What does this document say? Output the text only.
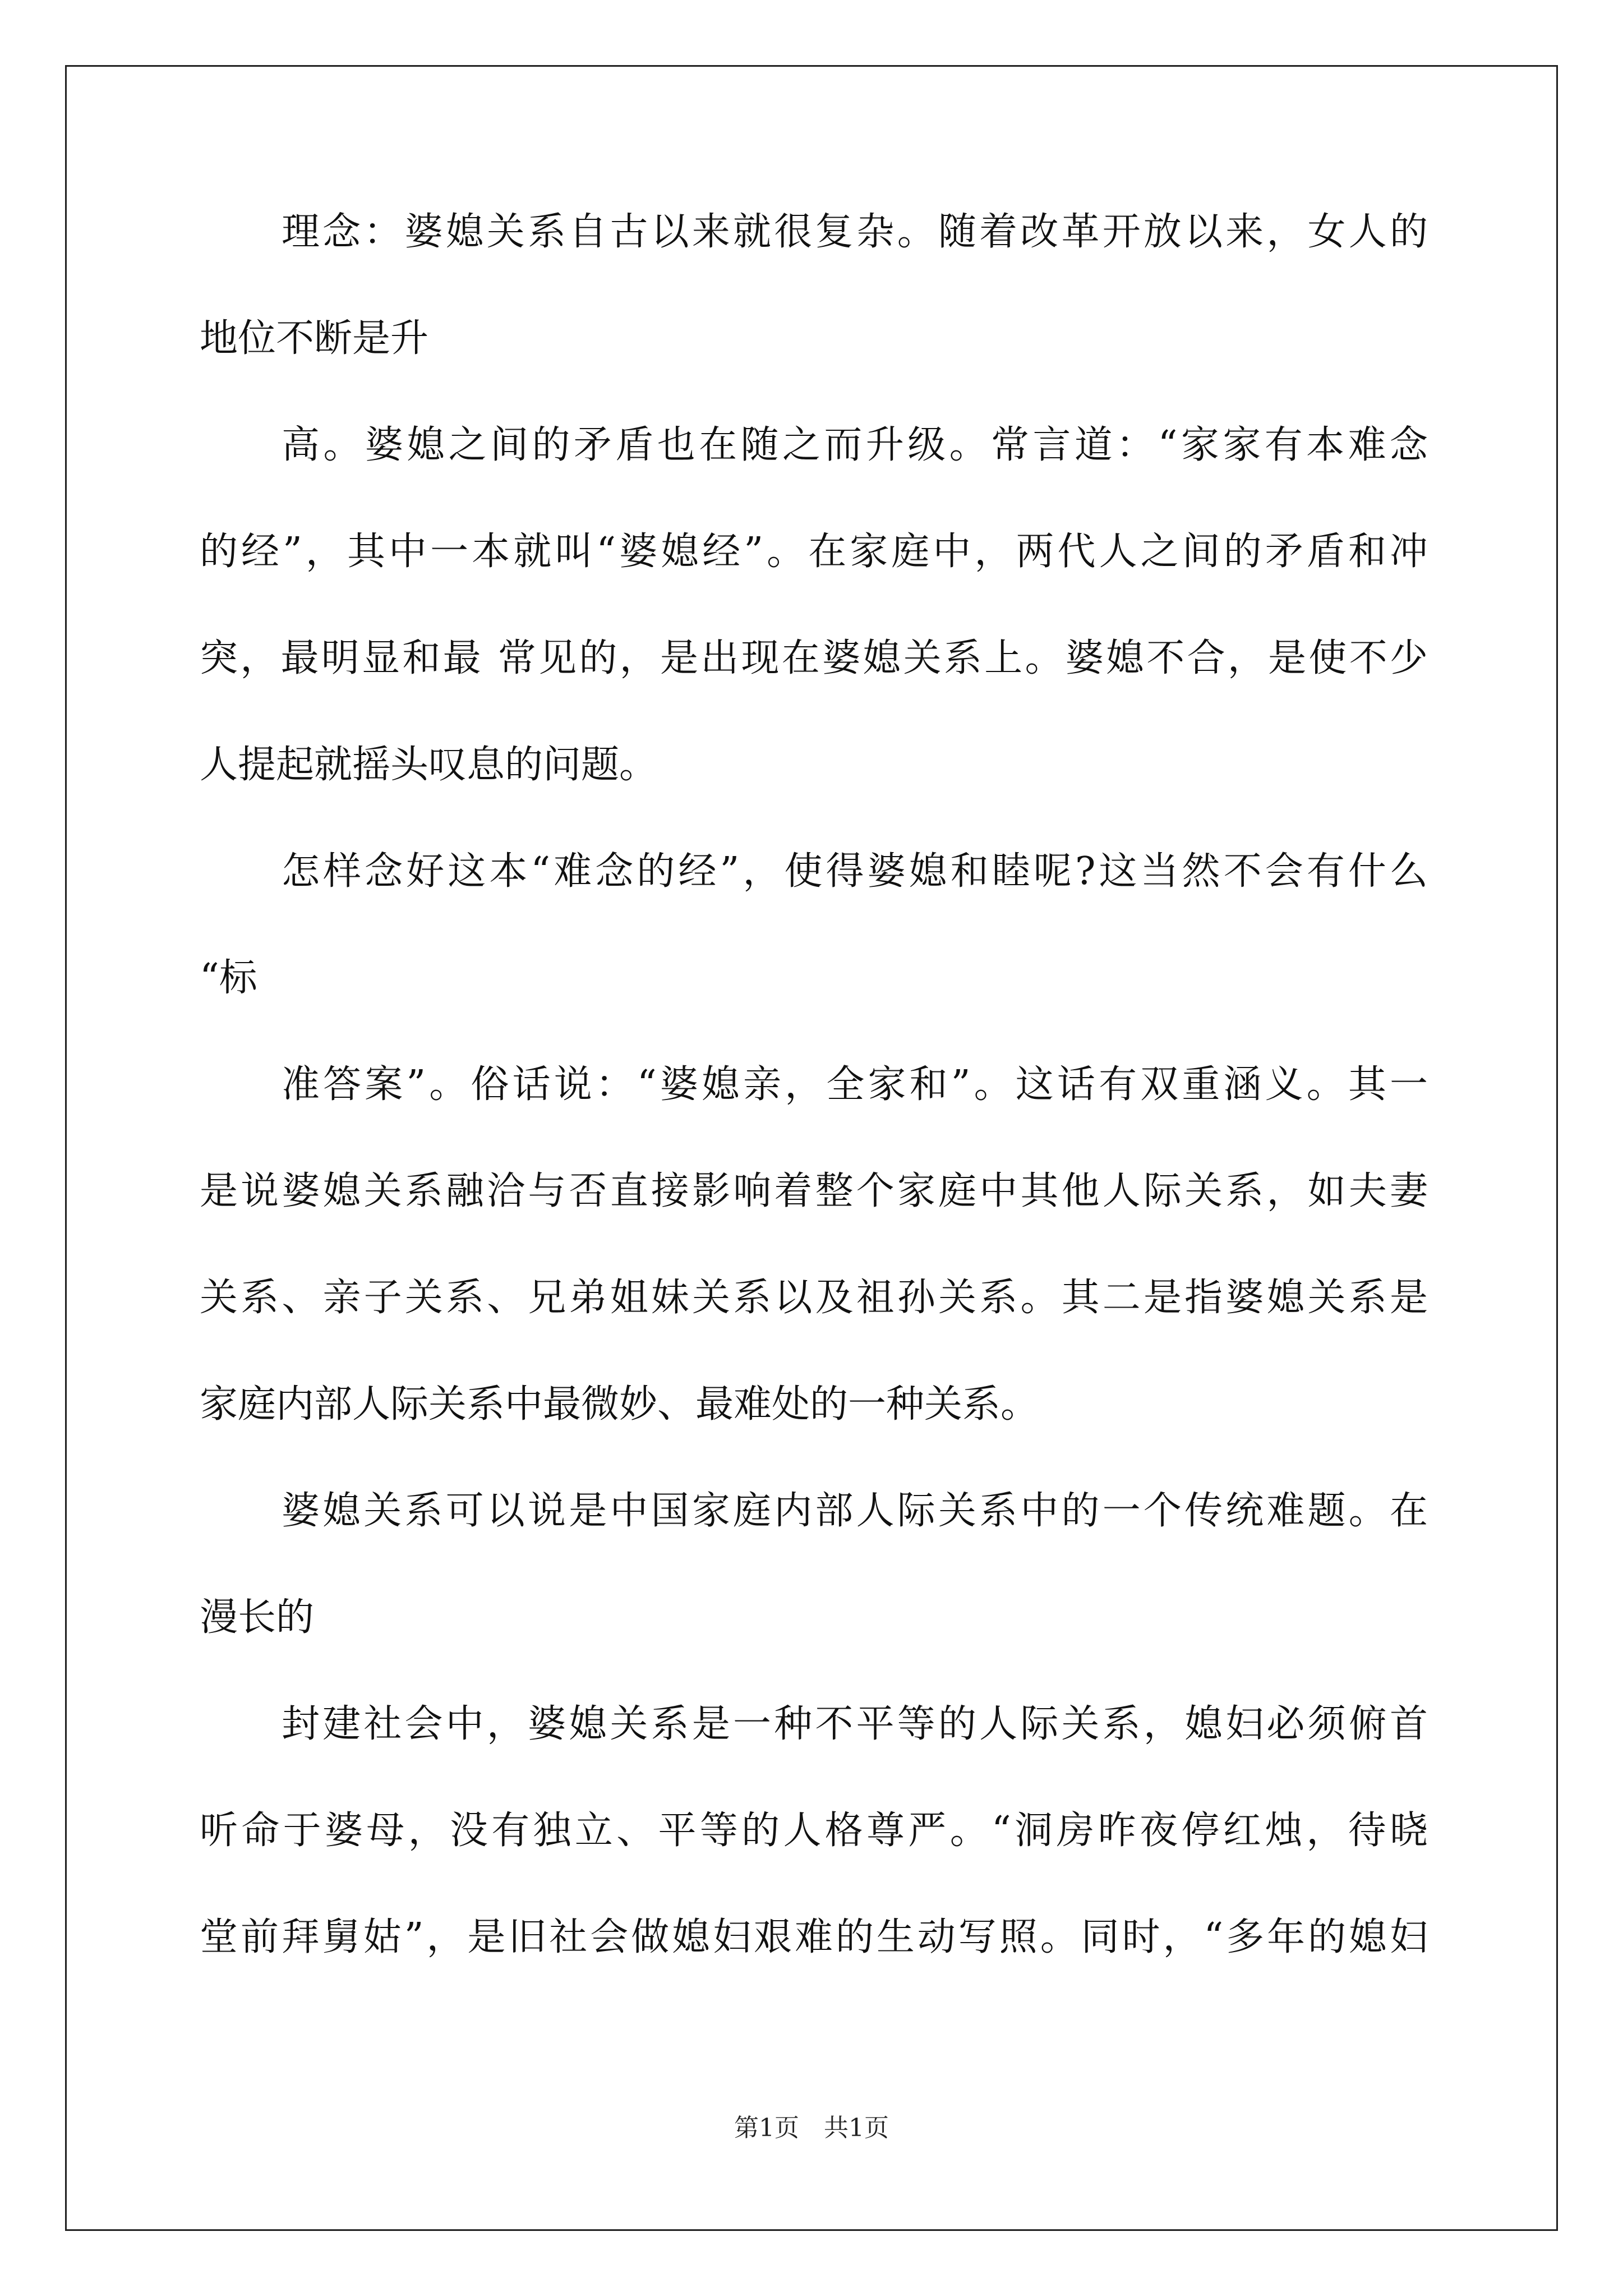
理念：婆媳关系自古以来就很复杂。随着改革开放以来，女人的
地位不断是升
高。婆媳之间的矛盾也在随之而升级。常言道：“家家有本难念
的经”，其中一本就叫“婆媳经”。在家庭中，两代人之间的矛盾和冲
突，最明显和最 常见的，是出现在婆媳关系上。婆媳不合，是使不少
人提起就摇头叹息的问题。
怎样念好这本“难念的经”，使得婆媳和睦呢?这当然不会有什么
“标
准答案”。俗话说：“婆媳亲，全家和”。这话有双重涵义。其一
是说婆媳关系融洽与否直接影响着整个家庭中其他人际关系，如夫妻
关系、亲子关系、兄弟姐妹关系以及祖孙关系。其二是指婆媳关系是
家庭内部人际关系中最微妙、最难处的一种关系。
婆媳关系可以说是中国家庭内部人际关系中的一个传统难题。在
漫长的
封建社会中，婆媳关系是一种不平等的人际关系，媳妇必须俯首
听命于婆母，没有独立、平等的人格尊严。“洞房昨夜停红烛，待晓
堂前拜舅姑”，是旧社会做媳妇艰难的生动写照。同时，“多年的媳妇
第1页 共1页
